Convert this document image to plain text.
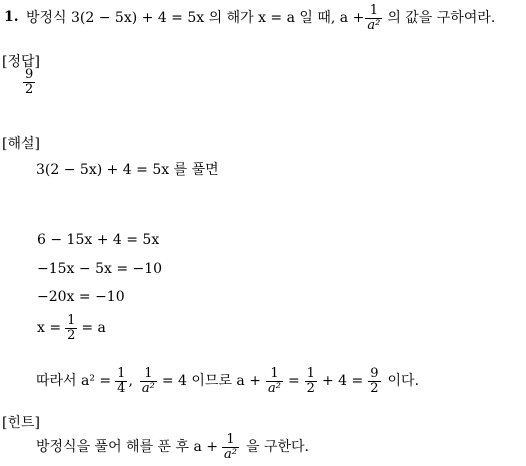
1. 방정식 3(2 − 5x) + 4 = 5x 의 해가 x = a 일 때, $a + \frac{1}{\text{a²}}$ 의 값을 구하여라.
[정답]
$\frac{9}{2}$
[해설]
3(2 − 5x) + 4 = 5x 를 풀면
6 − 15x + 4 = 5x
−15x − 5x = −10
−20x = −10
$x = \frac{1}{2} = a$
따라서 $a^2 = \frac{1}{4}$ , $\frac{1}{\text{a²}} = 4$ 이므로 $a + \frac{1}{\text{a²}} = \frac{1}{2} + 4 = \frac{9}{2}$ 이다.
[힌트]
방정식을 풀어 해를 푼 후 $a + \frac{1}{\text{a²}}$ 을 구한다.
